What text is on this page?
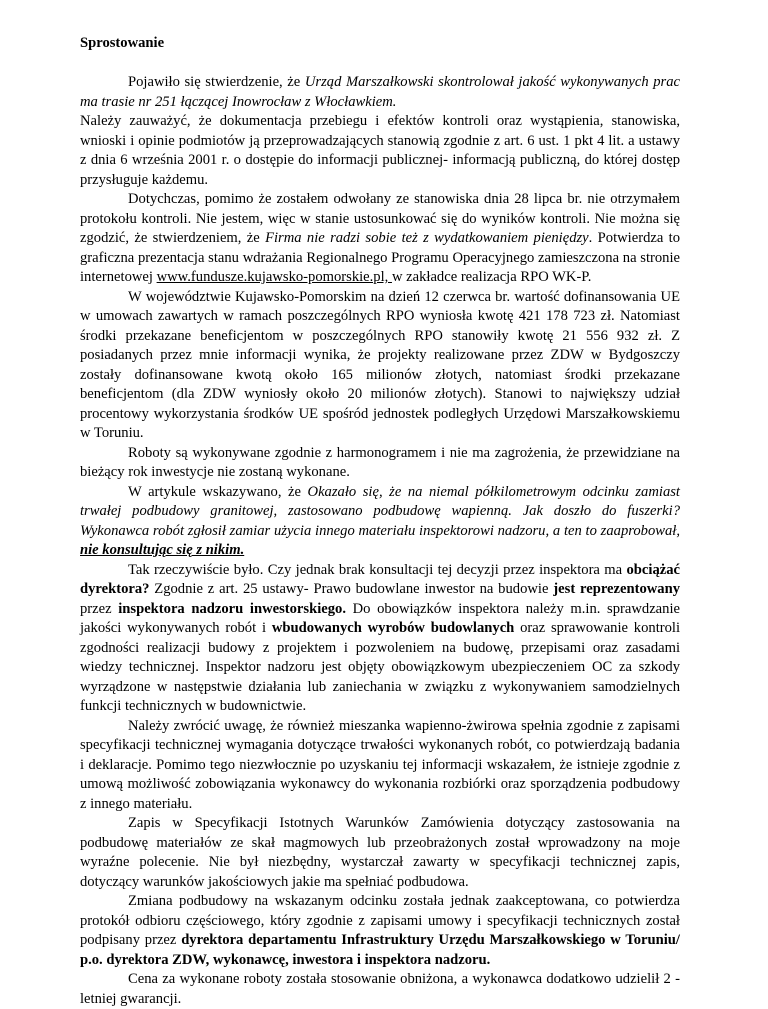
Sprostowanie

Pojawiło się stwierdzenie, że Urząd Marszałkowski skontrolował jakość wykonywanych prac ma trasie nr 251 łączącej Inowrocław z Włocławkiem.

Należy zauważyć, że dokumentacja przebiegu i efektów kontroli oraz wystąpienia, stanowiska, wnioski i opinie podmiotów ją przeprowadzających stanowią zgodnie z art. 6 ust. 1 pkt 4 lit. a ustawy z dnia 6 września 2001 r. o dostępie do informacji publicznej- informacją publiczną, do której dostęp przysługuje każdemu.

Dotychczas, pomimo że zostałem odwołany ze stanowiska dnia 28 lipca br. nie otrzymałem protokołu kontroli. Nie jestem, więc w stanie ustosunkować się do wyników kontroli. Nie można się zgodzić, że stwierdzeniem, że Firma nie radzi sobie też z wydatkowaniem pieniędzy. Potwierdza to graficzna prezentacja stanu wdrażania Regionalnego Programu Operacyjnego zamieszczona na stronie internetowej www.fundusze.kujawsko-pomorskie.pl, w zakładce realizacja RPO WK-P.

W województwie Kujawsko-Pomorskim na dzień 12 czerwca br. wartość dofinansowania UE w umowach zawartych w ramach poszczególnych RPO wyniosła kwotę 421 178 723 zł. Natomiast środki przekazane beneficjentom w poszczególnych RPO stanowiły kwotę 21 556 932 zł. Z posiadanych przez mnie informacji wynika, że projekty realizowane przez ZDW w Bydgoszczy zostały dofinansowane kwotą około 165 milionów złotych, natomiast środki przekazane beneficjentom (dla ZDW wyniosły około 20 milionów złotych). Stanowi to największy udział procentowy wykorzystania środków UE spośród jednostek podległych Urzędowi Marszałkowskiemu w Toruniu.

Roboty są wykonywane zgodnie z harmonogramem i nie ma zagrożenia, że przewidziane na bieżący rok inwestycje nie zostaną wykonane.

W artykule wskazywano, że Okazało się, że na niemal półkilometrowym odcinku zamiast trwałej podbudowy granitowej, zastosowano podbudowę wapienną. Jak doszło do fuszerki? Wykonawca robót zgłosił zamiar użycia innego materiału inspektorowi nadzoru, a ten to zaaprobował, nie konsultując się z nikim.

Tak rzeczywiście było. Czy jednak brak konsultacji tej decyzji przez inspektora ma obciążać dyrektora? Zgodnie z art. 25 ustawy- Prawo budowlane inwestor na budowie jest reprezentowany przez inspektora nadzoru inwestorskiego. Do obowiązków inspektora należy m.in. sprawdzanie jakości wykonywanych robót i wbudowanych wyrobów budowlanych oraz sprawowanie kontroli zgodności realizacji budowy z projektem i pozwoleniem na budowę, przepisami oraz zasadami wiedzy technicznej. Inspektor nadzoru jest objęty obowiązkowym ubezpieczeniem OC za szkody wyrządzone w następstwie działania lub zaniechania w związku z wykonywaniem samodzielnych funkcji technicznych w budownictwie.

Należy zwrócić uwagę, że również mieszanka wapienno-żwirowa spełnia zgodnie z zapisami specyfikacji technicznej wymagania dotyczące trwałości wykonanych robót, co potwierdzają badania i deklaracje. Pomimo tego niezwłocznie po uzyskaniu tej informacji wskazałem, że istnieje zgodnie z umową możliwość zobowiązania wykonawcy do wykonania rozbiórki oraz sporządzenia podbudowy z innego materiału.

Zapis w Specyfikacji Istotnych Warunków Zamówienia dotyczący zastosowania na podbudowę materiałów ze skał magmowych lub przeobrażonych został wprowadzony na moje wyraźne polecenie. Nie był niezbędny, wystarczał zawarty w specyfikacji technicznej zapis, dotyczący warunków jakościowych jakie ma spełniać podbudowa.

Zmiana podbudowy na wskazanym odcinku została jednak zaakceptowana, co potwierdza protokół odbioru częściowego, który zgodnie z zapisami umowy i specyfikacji technicznych został podpisany przez dyrektora departamentu Infrastruktury Urzędu Marszałkowskiego w Toruniu/ p.o. dyrektora ZDW, wykonawcę, inwestora i inspektora nadzoru.

Cena za wykonane roboty została stosowanie obniżona, a wykonawca dodatkowo udzielił 2 -letniej gwarancji.
